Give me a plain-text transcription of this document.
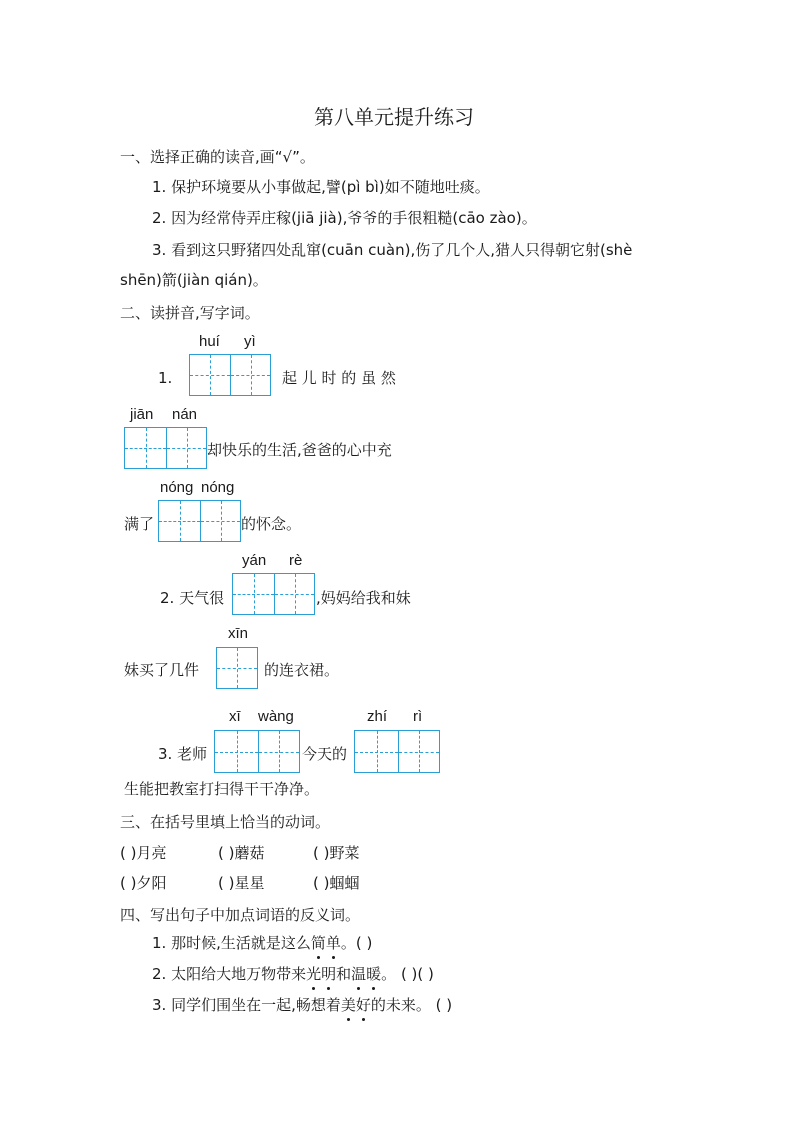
第八单元提升练习
一、选择正确的读音,画“√”。
1. 保护环境要从小事做起,譬(pì bì)如不随地吐痰。
2. 因为经常侍弄庄稼(jiā jià),爷爷的手很粗糙(cāo zào)。
3. 看到这只野猪四处乱窜(cuān cuàn),伤了几个人,猎人只得朝它射(shè
shēn)箭(jiàn qián)。
二、读拼音,写字词。
huí yì
1.	起 儿 时 的 虽 然
jiān nán
却快乐的生活,爸爸的心中充
nóng nóng
满了	的怀念。
yán rè
2. 天气很	,妈妈给我和妹
xīn
妹买了几件	的连衣裙。
xī wàng	zhí rì
3. 老师	今天的
生能把教室打扫得干干净净。
三、在括号里填上恰当的动词。
( )月亮	( )蘑菇	( )野菜
( )夕阳	( )星星	( )蝈蝈
四、写出句子中加点词语的反义词。
1. 那时候,生活就是这么简单。( )
2. 太阳给大地万物带来光明和温暖。 ( )( )
3. 同学们围坐在一起,畅想着美好的未来。 ( )
